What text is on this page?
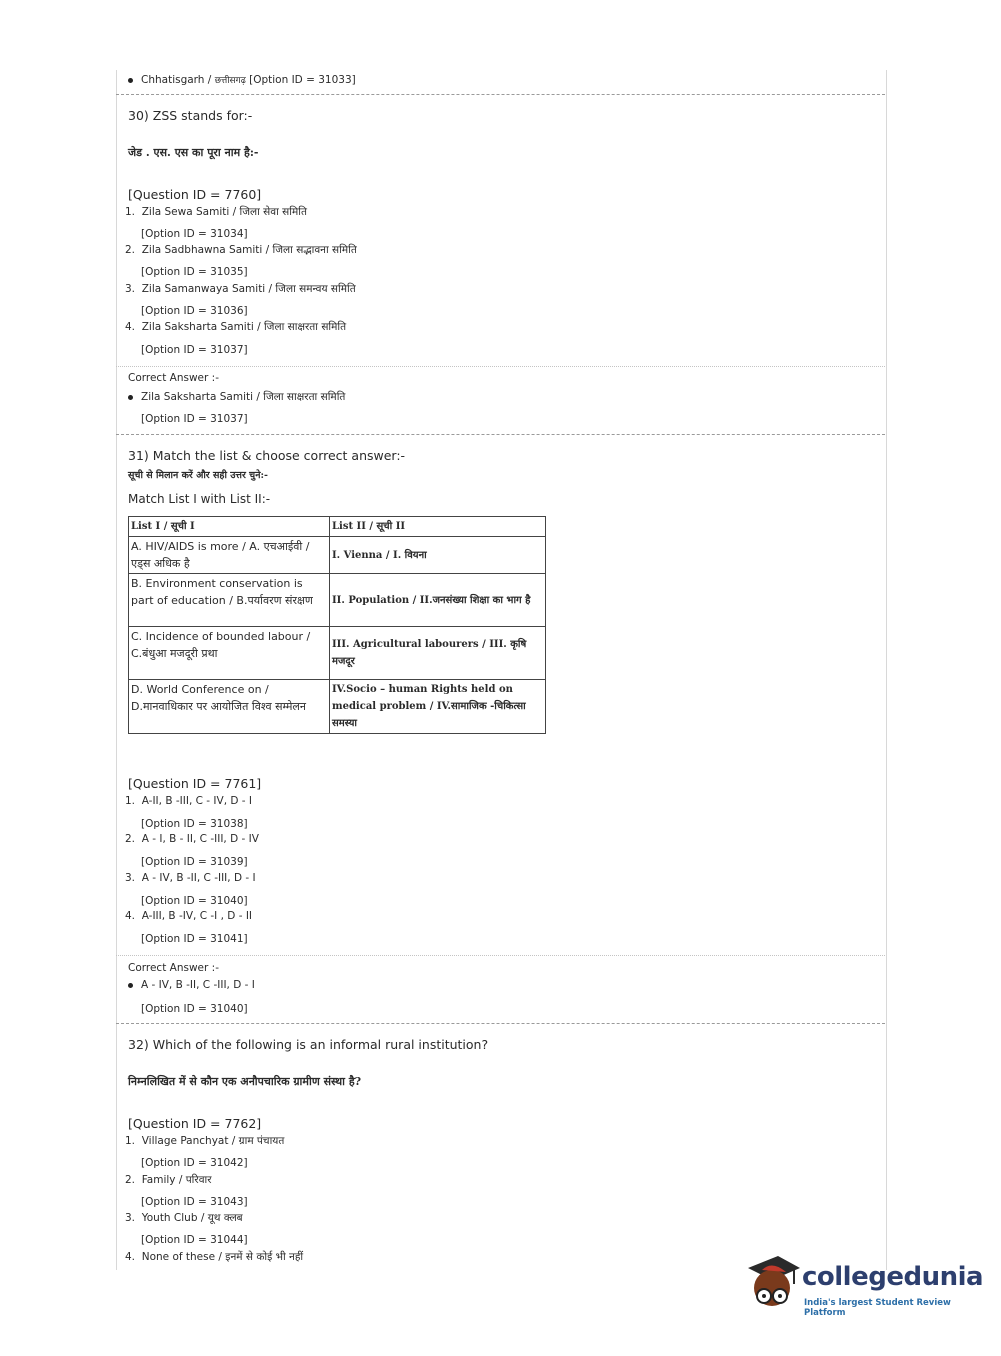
Chhatisgarh / छत्तीसगढ़ [Option ID = 31033]
30) ZSS stands for:-
जेड . एस. एस का पूरा नाम है:-
[Question ID = 7760]
1. Zila Sewa Samiti / जिला सेवा समिति
[Option ID = 31034]
2. Zila Sadbhawna Samiti / जिला सद्भावना समिति
[Option ID = 31035]
3. Zila Samanwaya Samiti / जिला समन्वय समिति
[Option ID = 31036]
4. Zila Saksharta Samiti / जिला साक्षरता समिति
[Option ID = 31037]
Correct Answer :-
Zila Saksharta Samiti / जिला साक्षरता समिति
[Option ID = 31037]
31) Match the list & choose correct answer:-
सूची से मिलान करें और सही उत्तर चुने:-
Match List I with List II:-
List I / सूची I	List II / सूची II
A. HIV/AIDS is more / A. एचआईवी / एड्स अधिक है	I. Vienna / I. वियना
B. Environment conservation is part of education / B.पर्यावरण संरक्षण	II. Population / II.जनसंख्या शिक्षा का भाग है
C. Incidence of bounded labour / C.बंधुआ मजदूरी प्रथा	III. Agricultural labourers / III. कृषि मजदूर
D. World Conference on / D.मानवाधिकार पर आयोजित विश्व सम्मेलन	IV.Socio – human Rights held on medical problem / IV.सामाजिक -चिकित्सा समस्या
[Question ID = 7761]
1. A-II, B -III, C - IV, D - I
[Option ID = 31038]
2. A - I, B - II, C -III, D - IV
[Option ID = 31039]
3. A - IV, B -II, C -III, D - I
[Option ID = 31040]
4. A-III, B -IV, C -I , D - II
[Option ID = 31041]
Correct Answer :-
A - IV, B -II, C -III, D - I
[Option ID = 31040]
32) Which of the following is an informal rural institution?
निम्नलिखित में से कौन एक अनौपचारिक ग्रामीण संस्था है?
[Question ID = 7762]
1. Village Panchyat / ग्राम पंचायत
[Option ID = 31042]
2. Family / परिवार
[Option ID = 31043]
3. Youth Club / यूथ क्लब
[Option ID = 31044]
4. None of these / इनमें से कोई भी नहीं
collegedunia
India's largest Student Review Platform
